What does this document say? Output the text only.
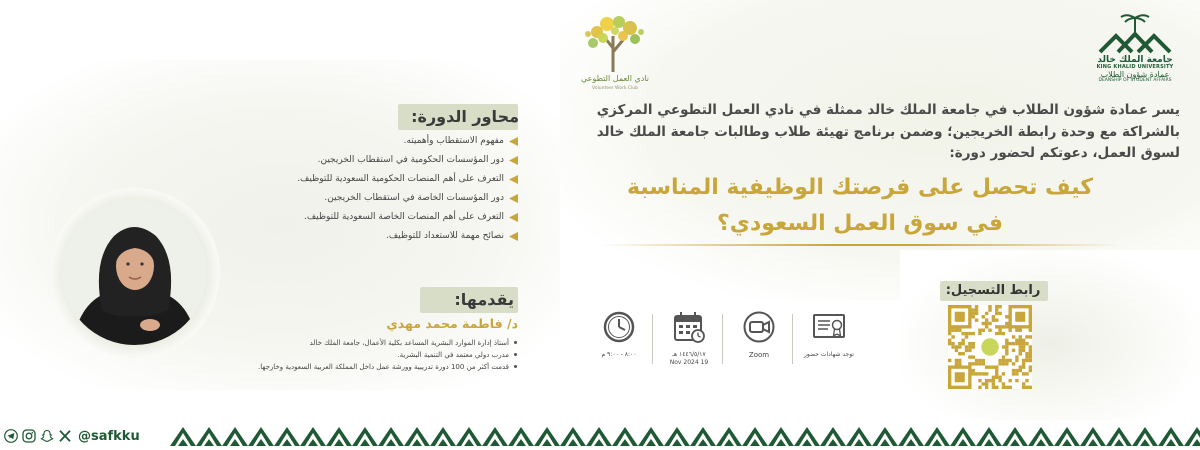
جامعة الملك خالد
KING KHALID UNIVERSITY
عمادة شؤون الطلاب
DEANSHIP OF STUDENT AFFAIRS
نادي العمل التطوعي
Volunteer Work Club
يسر عمادة شؤون الطلاب في جامعة الملك خالد ممثلة في نادي العمل التطوعي المركزي
بالشراكة مع وحدة رابطة الخريجين؛ وضمن برنامج تهيئة طلاب وطالبات جامعة الملك خالد
لسوق العمل، دعوتكم لحضور دورة:
كيف تحصل على فرصتك الوظيفية المناسبة
في سوق العمل السعودي؟
محاور الدورة:
مفهوم الاستقطاب وأهميته.
دور المؤسسات الحكومية في استقطاب الخريجين.
التعرف على أهم المنصات الحكومية السعودية للتوظيف.
دور المؤسسات الخاصة في استقطاب الخريجين.
التعرف على أهم المنصات الخاصة السعودية للتوظيف.
نصائح مهمة للاستعداد للتوظيف.
يقدمها:
د/ فاطمة محمد مهدي
أستاذ إدارة الموارد البشرية المساعد بكلية الأعمال، جامعة الملك خالد
مدرب دولي معتمد في التنمية البشرية.
قدمت أكثر من 100 دورة تدريبية وورشة عمل داخل المملكة العربية السعودية وخارجها.
٨:٠٠ - ٩:٠٠ م	١٤٤٦/٥/١٧ هـ
19 Nov 2024
Zoom	توجد شهادات حضور
رابط التسجيل:
@safkku
